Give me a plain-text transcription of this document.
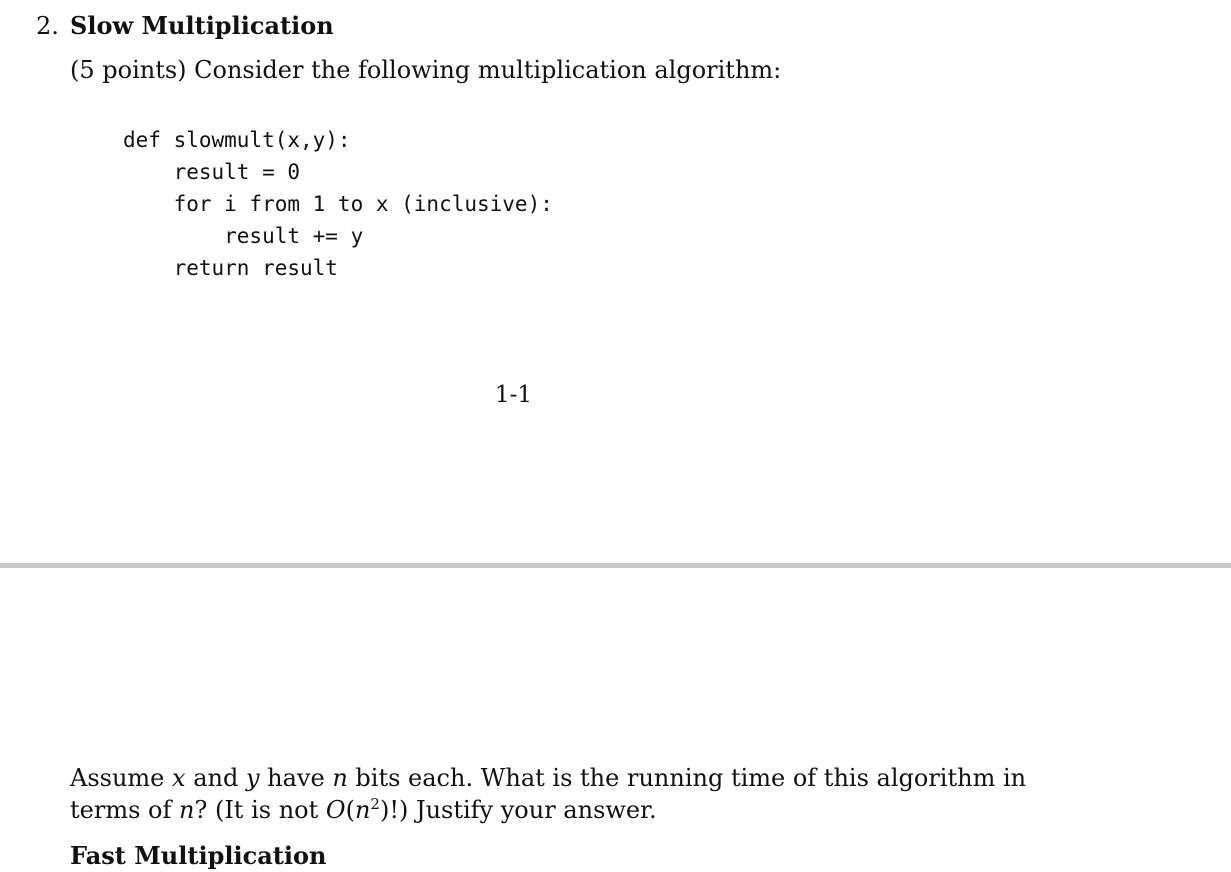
2. Slow Multiplication
(5 points) Consider the following multiplication algorithm:
def slowmult(x,y):
result = 0
for i from 1 to x (inclusive):
result += y
return result
1-1
Assume x and y have n bits each. What is the running time of this algorithm in terms of n? (It is not $O(n^2)$!) Justify your answer.
Fast Multiplication
